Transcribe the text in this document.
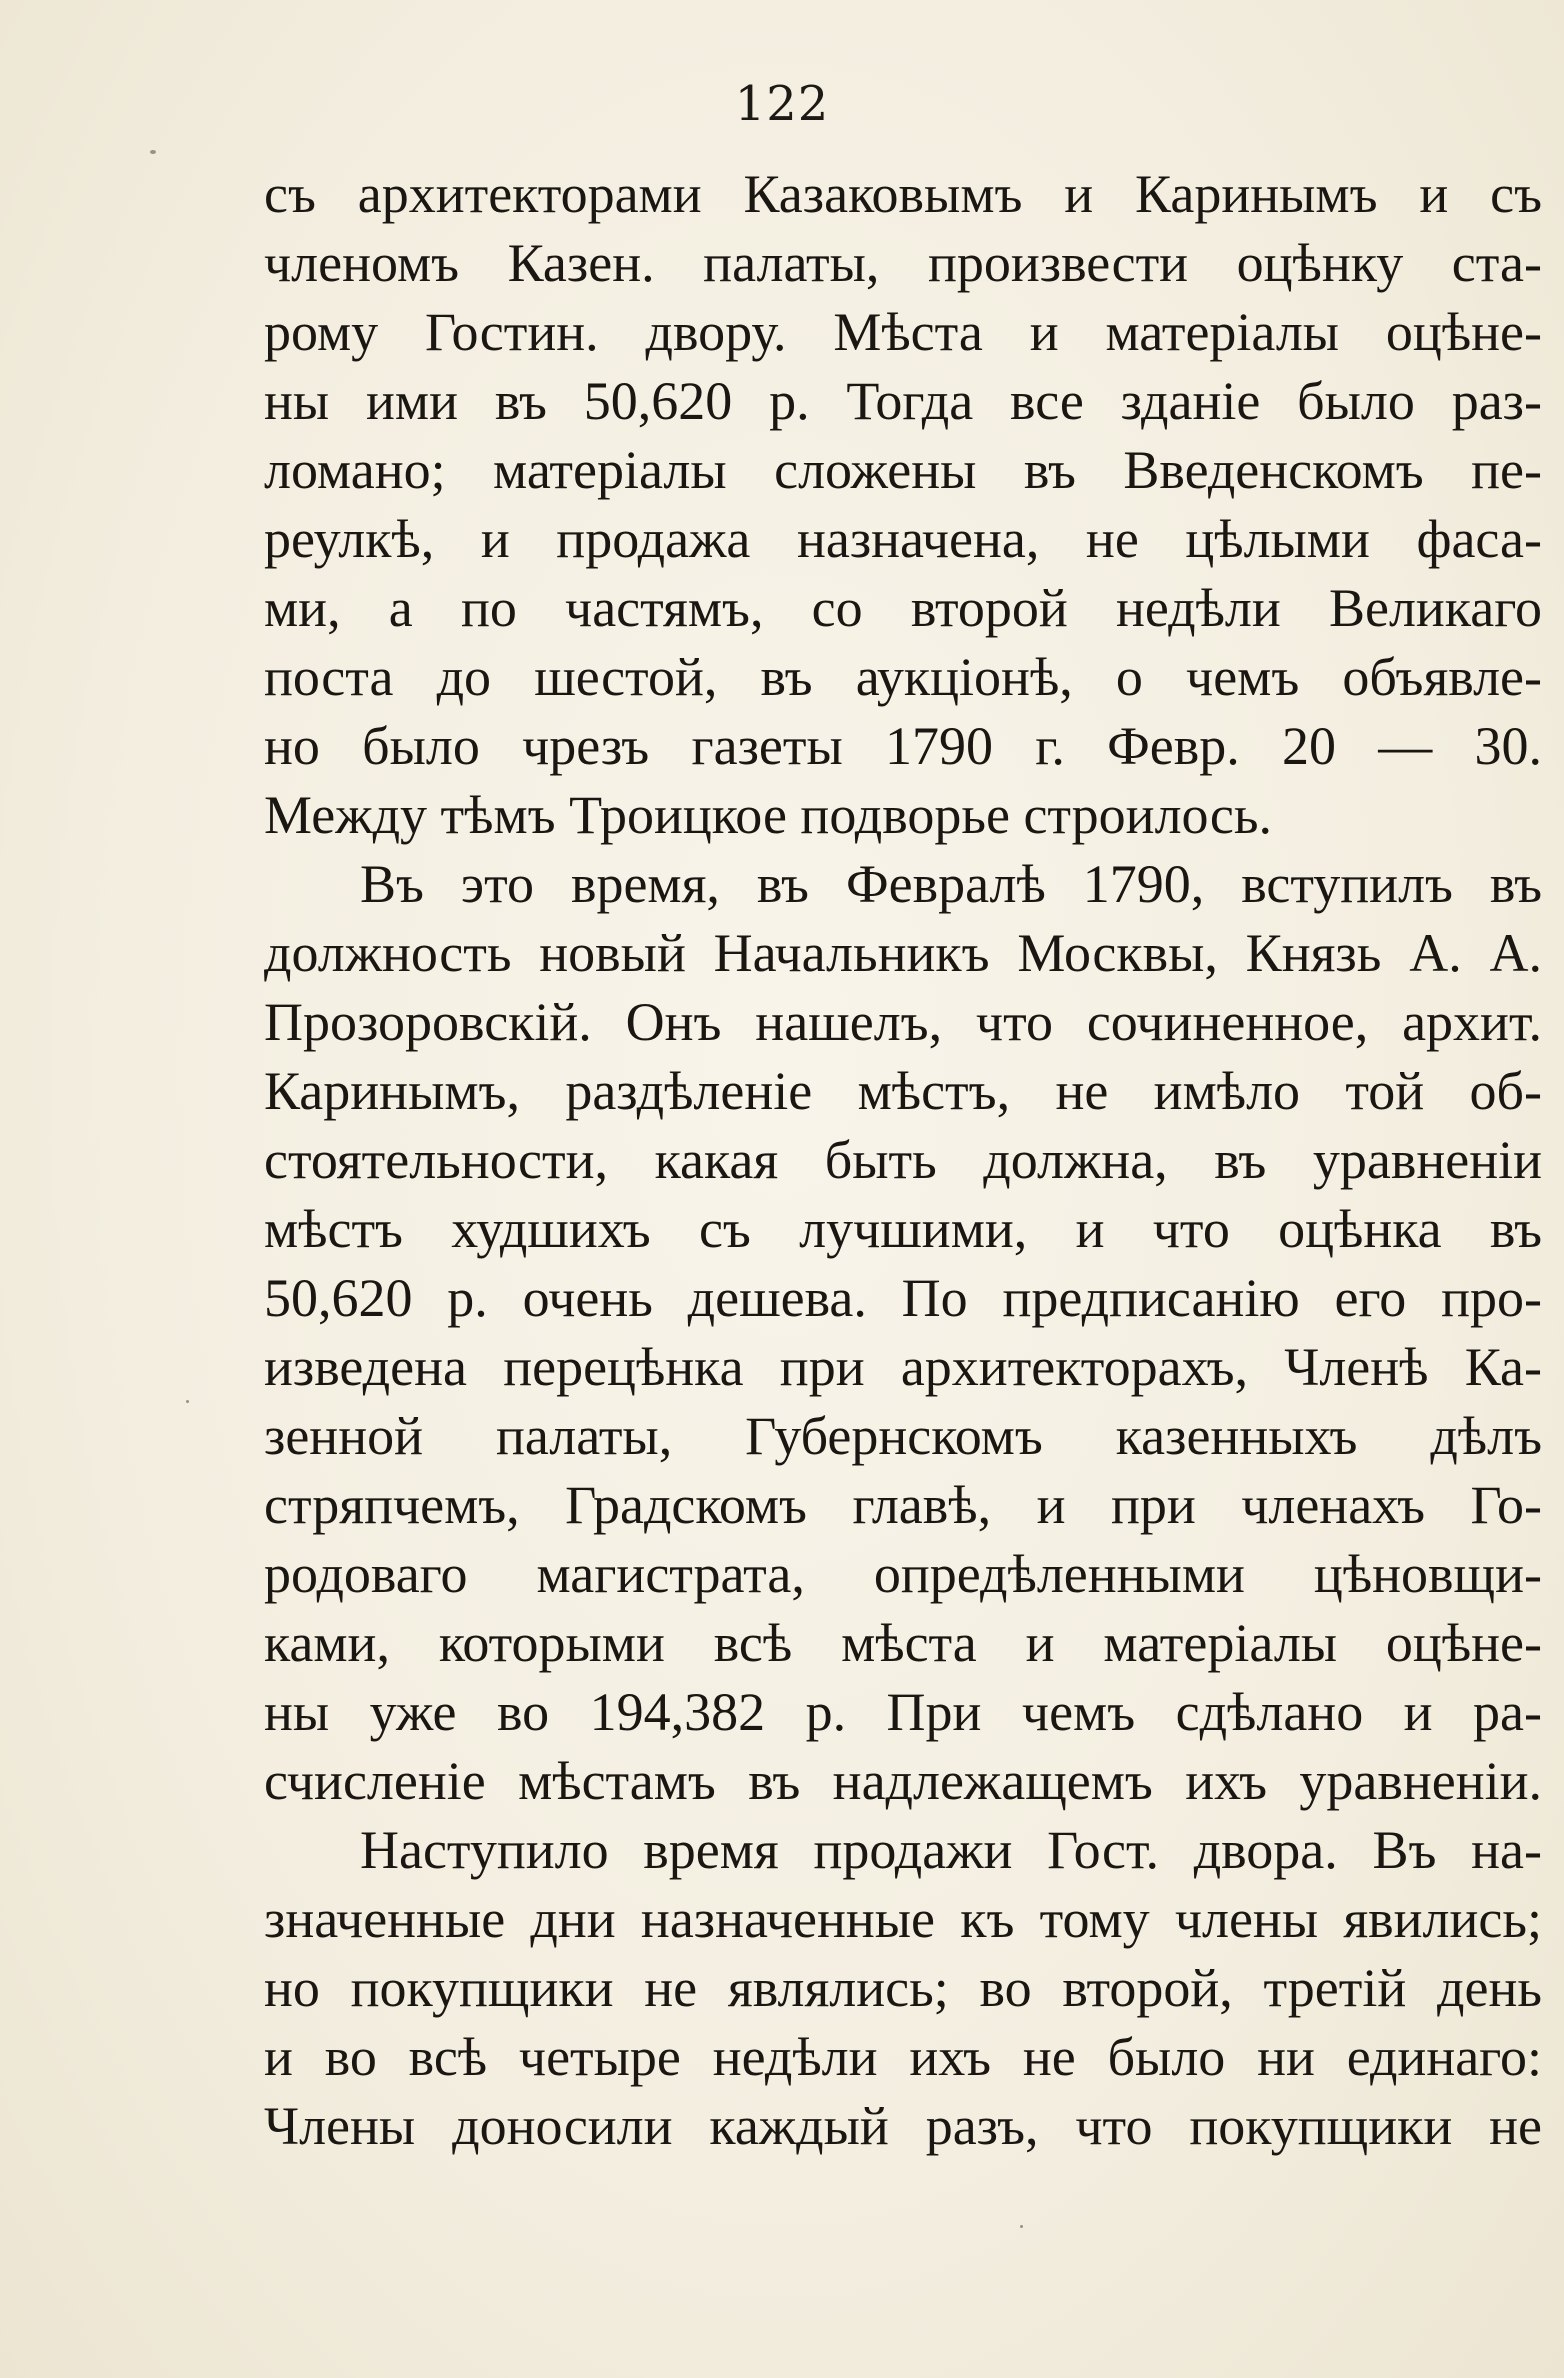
122
съ архитекторами Казаковымъ и Каринымъ и съ
членомъ Казен. палаты, произвести оцѣнку ста-
рому Гостин. двору. Мѣста и матеріалы оцѣне-
ны ими въ 50,620 р. Тогда все зданіе было раз-
ломано; матеріалы сложены въ Введенскомъ пе-
реулкѣ, и продажа назначена, не цѣлыми фаса-
ми, а по частямъ, со второй недѣли Великаго
поста до шестой, въ аукціонѣ, о чемъ объявле-
но было чрезъ газеты 1790 г. Февр. 20 — 30.
Между тѣмъ Троицкое подворье строилось.
Въ это время, въ Февралѣ 1790, вступилъ въ
должность новый Начальникъ Москвы, Князь А. А.
Прозоровскій. Онъ нашелъ, что сочиненное, архит.
Каринымъ, раздѣленіе мѣстъ, не имѣло той об-
стоятельности, какая быть должна, въ уравненіи
мѣстъ худшихъ съ лучшими, и что оцѣнка въ
50,620 р. очень дешева. По предписанію его про-
изведена перецѣнка при архитекторахъ, Членѣ Ка-
зенной палаты, Губернскомъ казенныхъ дѣлъ
стряпчемъ, Градскомъ главѣ, и при членахъ Го-
родоваго магистрата, опредѣленными цѣновщи-
ками, которыми всѣ мѣста и матеріалы оцѣне-
ны уже во 194,382 р. При чемъ сдѣлано и ра-
счисленіе мѣстамъ въ надлежащемъ ихъ уравненіи.
Наступило время продажи Гост. двора. Въ на-
значенные дни назначенные къ тому члены явились;
но покупщики не являлись; во второй, третій день
и во всѣ четыре недѣли ихъ не было ни единаго:
Члены доносили каждый разъ, что покупщики не
